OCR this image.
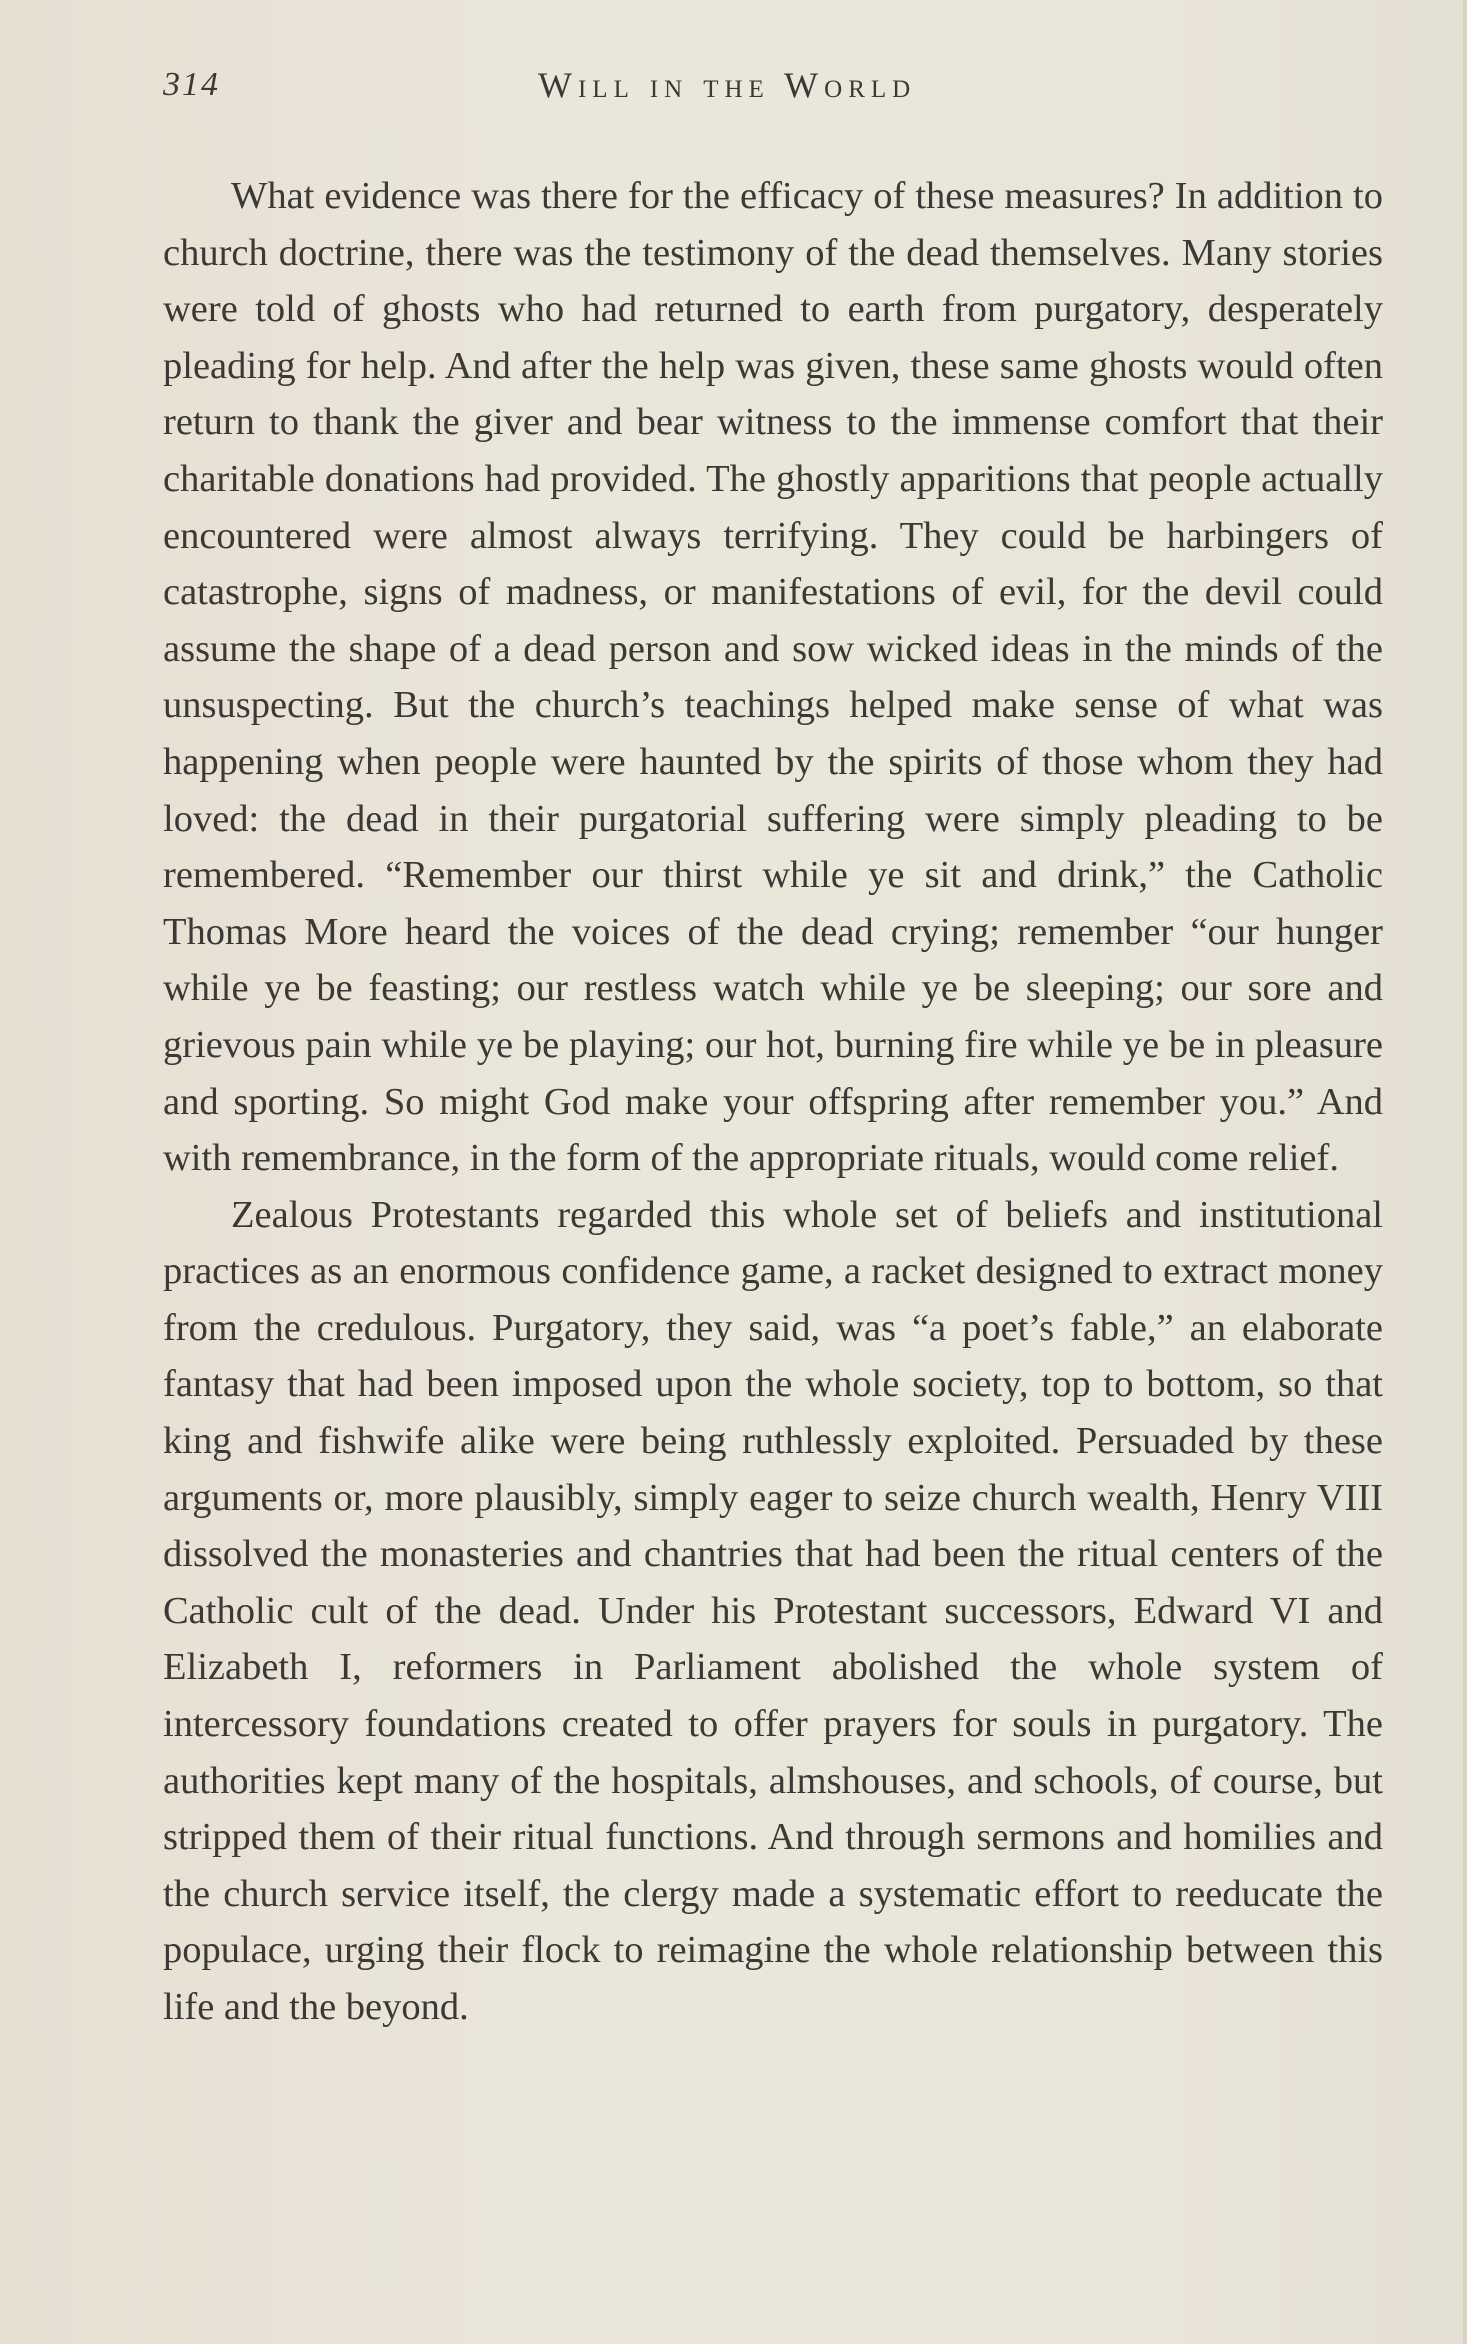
314	Will in the World

What evidence was there for the efficacy of these measures? In addition to church doctrine, there was the testimony of the dead themselves. Many stories were told of ghosts who had returned to earth from purgatory, desperately pleading for help. And after the help was given, these same ghosts would often return to thank the giver and bear witness to the immense comfort that their charitable donations had provided. The ghostly apparitions that people actually encountered were almost always terrifying. They could be harbingers of catastrophe, signs of madness, or manifestations of evil, for the devil could assume the shape of a dead person and sow wicked ideas in the minds of the unsuspecting. But the church’s teachings helped make sense of what was happening when people were haunted by the spirits of those whom they had loved: the dead in their purgatorial suffering were simply pleading to be remembered. “Remember our thirst while ye sit and drink,” the Catholic Thomas More heard the voices of the dead crying; remember “our hunger while ye be feasting; our restless watch while ye be sleeping; our sore and grievous pain while ye be playing; our hot, burning fire while ye be in pleasure and sporting. So might God make your offspring after remember you.” And with remembrance, in the form of the appropriate rituals, would come relief.

Zealous Protestants regarded this whole set of beliefs and institutional practices as an enormous confidence game, a racket designed to extract money from the credulous. Purgatory, they said, was “a poet’s fable,” an elaborate fantasy that had been imposed upon the whole society, top to bottom, so that king and fishwife alike were being ruthlessly exploited. Persuaded by these arguments or, more plausibly, simply eager to seize church wealth, Henry VIII dissolved the monasteries and chantries that had been the ritual centers of the Catholic cult of the dead. Under his Protestant successors, Edward VI and Elizabeth I, reformers in Parliament abolished the whole system of intercessory foundations created to offer prayers for souls in purgatory. The authorities kept many of the hospitals, almshouses, and schools, of course, but stripped them of their ritual functions. And through sermons and homilies and the church service itself, the clergy made a systematic effort to reeducate the populace, urging their flock to reimagine the whole relationship between this life and the beyond.
